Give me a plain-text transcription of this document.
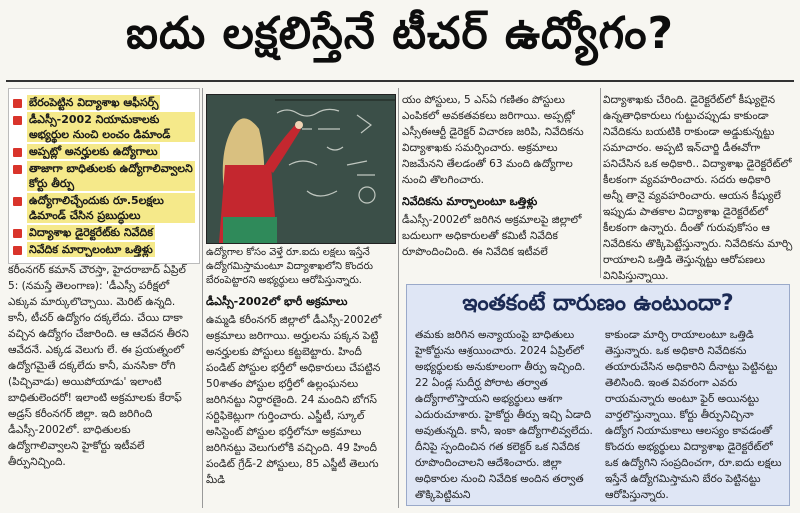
ఐదు లక్షలిస్తేనే టీచర్ ఉద్యోగం?
బేరంపెట్టిన విద్యాశాఖ ఆఫీసర్స్
డీఎస్సీ-2002 నియామకాలకు అభ్యర్థుల నుంచి లంచం డిమాండ్
అప్పట్లో అనర్హులకు ఉద్యోగాలు
తాజాగా బాధితులకు ఉద్యోగాలివ్వాలని కోర్టు తీర్పు
ఉద్యోగాలిచ్చేందుకు రూ.5లక్షలు డిమాండ్ చేసిన ప్రబుద్ధులు
విద్యాశాఖ డైరెక్టరేట్‌కు నివేదిక
నివేదిక మార్చాలంటూ ఒత్తిళ్లు
కరీంనగర్ కమాన్ చౌరస్తా, హైదరాబాద్ ఏప్రిల్ 5: (నమస్తే తెలంగాణ): 'డీఎస్సీ పరీక్షలో ఎక్కువ మార్కులొచ్చాయి. మెరిట్ ఉన్నది. కానీ, టీచర్ ఉద్యోగం దక్కలేదు. చేయి దాకా వచ్చిన ఉద్యోగం చేజారింది. ఆ ఆవేదన తీరని ఆవేదనే. ఎక్కడ వెలుగు లే. ఈ ప్రయత్నంలో ఉద్యోగమైతే దక్కలేదు కానీ, మనసికా రోగి (పిచ్చివాడు) అయిపోయాడు' ఇలాంటి బాధితులెందరో! ఇలాంటి అక్రమాలకు కేరాఫ్ అడ్రస్ కరీంనగర్ జిల్లా. ఇది జరిగింది డీఎస్సీ-2002లో. బాధితులకు ఉద్యోగాలివ్వాలని హైకోర్టు ఇటీవలే తీర్పునిచ్చింది.
ఉద్యోగాల కోసం వెళ్తే రూ.ఐదు లక్షలు ఇస్తేనే ఉద్యోగమిస్తామంటూ విద్యాశాఖలోని కొందరు బేరంపెట్టారని అభ్యర్థులు ఆరోపిస్తున్నారు.
డీఎస్సీ-2002లో భారీ అక్రమాలు
ఉమ్మడి కరీంనగర్ జిల్లాలో డీఎస్సీ-2002లో అక్రమాలు జరిగాయి. అర్హులను పక్కన పెట్టి అనర్హులకు పోస్టులు కట్టబెట్టారు. హిందీ పండిట్ పోస్టుల భర్తీలో అధికారులు చేపట్టిన 50శాతం పోస్టుల భర్తీలో ఉల్లంఘనలు జరిగినట్టు నిర్ధారణైంది. 24 మందిని బోగస్ సర్టిఫికెట్లుగా గుర్తించారు. ఎస్జీటీ, స్కూల్ అసిస్టెంట్ పోస్టుల భర్తీలోనూ అక్రమాలు జరిగినట్టు వెలుగులోకి వచ్చింది. 49 హిందీ పండిట్ గ్రేడ్-2 పోస్టులు, 85 ఎస్జీటీ తెలుగు మీడి
యం పోస్టులు, 5 ఎస్ఏ గణితం పోస్టులు ఎంపికలో అవకతవకలు జరిగాయి. అప్పట్లో ఎస్సీఈఆర్టీ డైరెక్టర్ విచారణ జరిపి, నివేదికను విద్యాశాఖకు సమర్పించారు. అక్రమాలు నిజమేనని తేలడంతో 63 మంది ఉద్యోగాల నుంచి తొలగించారు.
నివేదికను మార్చాలంటూ ఒత్తిళ్లు
డీఎస్సీ-2002లో జరిగిన అక్రమాలపై జిల్లాలో బదులుగా అధికారులతో కమిటీ నివేదిక రూపొందించింది. ఈ నివేదిక ఇటీవలే
విద్యాశాఖకు చేరింది. డైరెక్టరేట్‌లో కీష్యులైన ఉన్నతాధికారులు గుట్టుచప్పుడు కాకుండా నివేదికను బయటికి రాకుండా అడ్డుకున్నట్టు సమాచారం. అప్పటి ఇన్‌చార్జి డీఈవోగా పనిచేసిన ఒక అధికారి.. విద్యాశాఖ డైరెక్టరేట్‌లో కీలకంగా వ్యవహరించారు. సదరు అధికారి అన్నీ తానై వ్యవహరించారు. ఆయన కీష్యులే ఇప్పుడు పాతకాల విద్యాశాఖ డైరెక్టరేట్‌లో కీలకంగా ఉన్నారు. దీంతో గురువుకోసం ఆ నివేదికను తొక్కిపెట్టేస్తున్నారు. నివేదికను మార్చి రాయాలని ఒత్తిడి తెస్తున్నట్టు ఆరోపణలు వినిపిస్తున్నాయి.
ఇంతకంటే దారుణం ఉంటుందా?
తమకు జరిగిన అన్యాయంపై బాధితులు హైకోర్టును ఆశ్రయించారు. 2024 ఏప్రిల్‌లో అభ్యర్థులకు అనుకూలంగా తీర్పు ఇచ్చింది. 22 ఏండ్ల సుదీర్ఘ పోరాట తర్వాత ఉద్యోగాలొస్తాయని అభ్యర్థులు ఆశగా ఎదురుచూశారు. హైకోర్టు తీర్పు ఇచ్చి ఏడాది అవుతున్నది. కానీ, ఇంకా ఉద్యోగాలివ్వలేదు. దీనిపై స్పందించిన గత కలెక్టర్ ఒక నివేదిక రూపొందించాలని ఆదేశించారు. జిల్లా అధికారుల నుంచి నివేదిక అందిన తర్వాత తొక్కిపెట్టిమని
కాకుండా మార్చి రాయాలంటూ ఒత్తిడి తెస్తున్నారు. ఒక అధికారి నివేదికను తయారుచేసిన అధికారిని దీనాట్టు పెట్టినట్టు తెలిసింది. ఇంత వివరంగా ఎవరు రాయమన్నారు అంటూ ఫైర్ అయినట్టు వార్తలొస్తున్నాయి. కోర్టు తీర్పునిచ్చినా ఉద్యోగ నియామకాలు ఆలస్యం కావడంతో కొందరు అభ్యర్థులు విద్యాశాఖ డైరెక్టరేట్‌లో ఒక ఉద్యోగిని సంప్రదించగా, రూ.ఐదు లక్షలు ఇస్తేనే ఉద్యోగమిస్తామని బేరం పెట్టినట్టు ఆరోపిస్తున్నారు.
